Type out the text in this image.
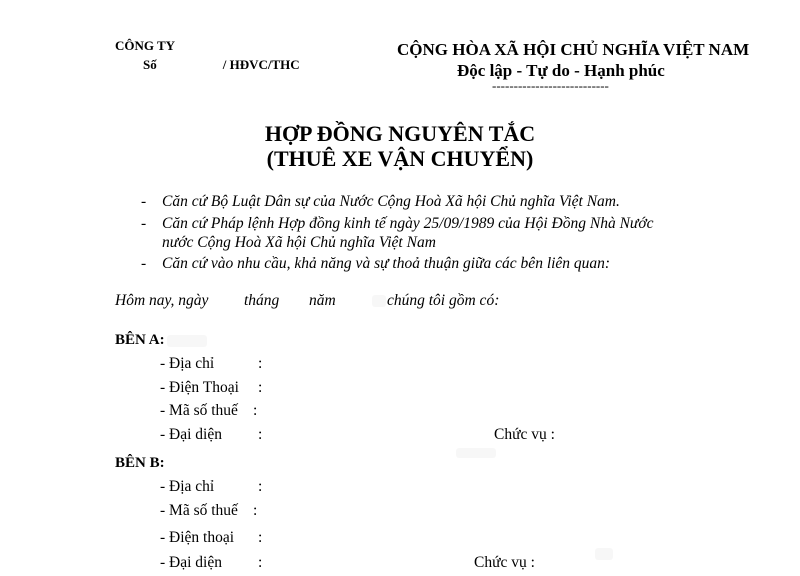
CÔNG TY
Số	/ HĐVC/THC
CỘNG HÒA XÃ HỘI CHỦ NGHĨA VIỆT NAM
Độc lập - Tự do - Hạnh phúc
---------------------------
HỢP ĐỒNG NGUYÊN TẮC
(THUÊ XE VẬN CHUYỂN)
- Căn cứ Bộ Luật Dân sự của Nước Cộng Hoà Xã hội Chủ nghĩa Việt Nam.
- Căn cứ Pháp lệnh Hợp đồng kinh tế ngày 25/09/1989 của Hội Đồng Nhà Nước
nước Cộng Hoà Xã hội Chủ nghĩa Việt Nam
- Căn cứ vào nhu cầu, khả năng và sự thoả thuận giữa các bên liên quan:
Hôm nay, ngày tháng năm	chúng tôi gồm có:
BÊN A:
- Địa chỉ	:
- Điện Thoại :
- Mã số thuế :
- Đại diện :	Chức vụ :
BÊN B:
- Địa chỉ	:
- Mã số thuế :
- Điện thoại :
- Đại diện :	Chức vụ :
